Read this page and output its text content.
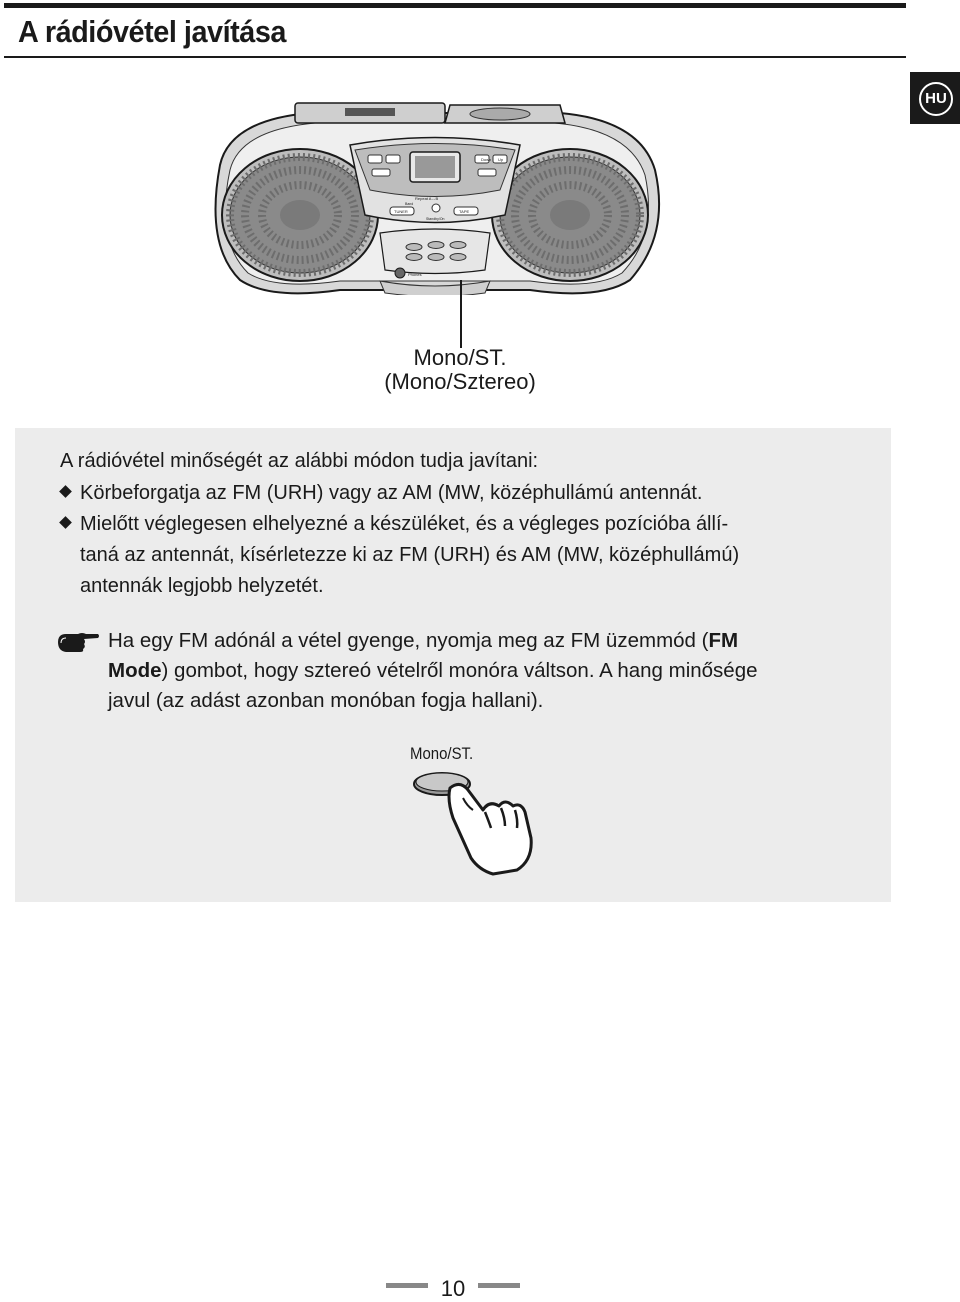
A rádióvétel javítása
HU
Down Up
Repeat A↔B
TUNER	TAPE
Band
Standby/On
Phones
Mono/ST.
(Mono/Sztereo)
A rádióvétel minőségét az alábbi módon tudja javítani:
Körbeforgatja az FM (URH) vagy az AM (MW, középhullámú antennát.
Mielőtt véglegesen elhelyezné a készüléket, és a végleges pozícióba állí-
taná az antennát, kísérletezze ki az FM (URH) és AM (MW, középhullámú)
antennák legjobb helyzetét.
Ha egy FM adónál a vétel gyenge, nyomja meg az FM üzemmód (FM
Mode) gombot, hogy sztereó vételről monóra váltson. A hang minősége
javul (az adást azonban monóban fogja hallani).
Mono/ST.
10
